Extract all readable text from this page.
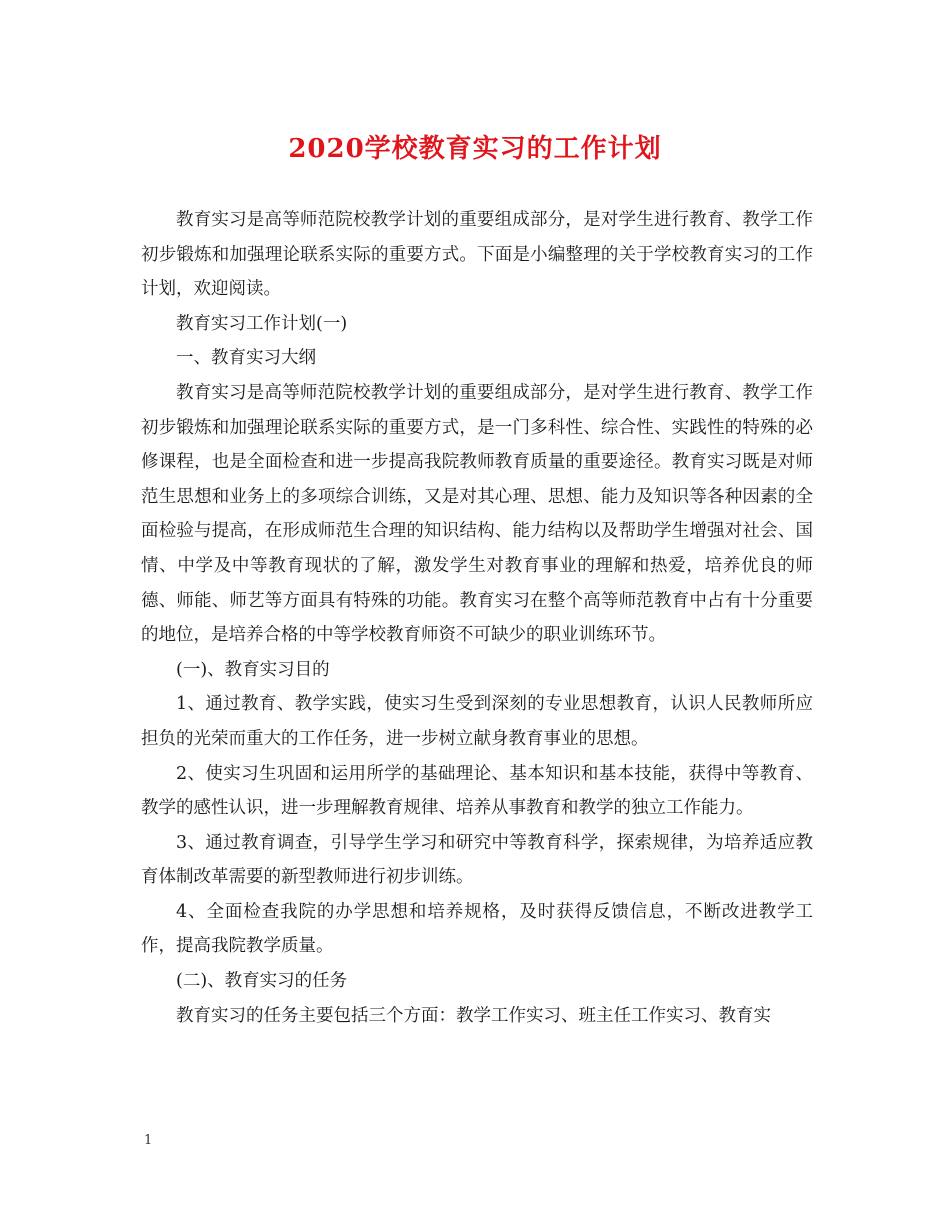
2020学校教育实习的工作计划

教育实习是高等师范院校教学计划的重要组成部分，是对学生进行教育、教学工作初步锻炼和加强理论联系实际的重要方式。下面是小编整理的关于学校教育实习的工作计划，欢迎阅读。

教育实习工作计划(一)

一、教育实习大纲

教育实习是高等师范院校教学计划的重要组成部分，是对学生进行教育、教学工作初步锻炼和加强理论联系实际的重要方式，是一门多科性、综合性、实践性的特殊的必修课程，也是全面检查和进一步提高我院教师教育质量的重要途径。教育实习既是对师范生思想和业务上的多项综合训练，又是对其心理、思想、能力及知识等各种因素的全面检验与提高，在形成师范生合理的知识结构、能力结构以及帮助学生增强对社会、国情、中学及中等教育现状的了解，激发学生对教育事业的理解和热爱，培养优良的师德、师能、师艺等方面具有特殊的功能。教育实习在整个高等师范教育中占有十分重要的地位，是培养合格的中等学校教育师资不可缺少的职业训练环节。

(一)、教育实习目的

1、通过教育、教学实践，使实习生受到深刻的专业思想教育，认识人民教师所应担负的光荣而重大的工作任务，进一步树立献身教育事业的思想。

2、使实习生巩固和运用所学的基础理论、基本知识和基本技能，获得中等教育、教学的感性认识，进一步理解教育规律、培养从事教育和教学的独立工作能力。

3、通过教育调查，引导学生学习和研究中等教育科学，探索规律，为培养适应教育体制改革需要的新型教师进行初步训练。

4、全面检查我院的办学思想和培养规格，及时获得反馈信息，不断改进教学工作，提高我院教学质量。

(二)、教育实习的任务

教育实习的任务主要包括三个方面：教学工作实习、班主任工作实习、教育实

1
